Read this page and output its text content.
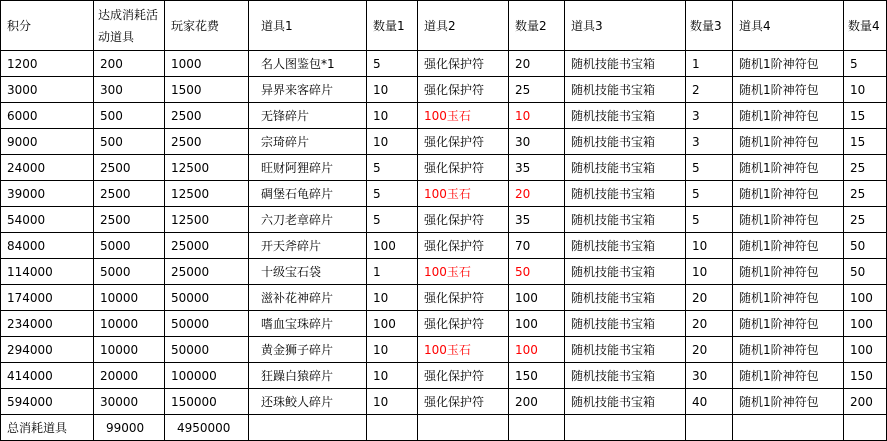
积分	达成消耗活动道具	玩家花费	道具1	数量1	道具2	数量2	道具3	数量3	道具4	数量4
1200	200	1000	名人图鉴包*1	5	强化保护符	20	随机技能书宝箱	1	随机1阶神符包	5
3000	300	1500	异界来客碎片	10	强化保护符	25	随机技能书宝箱	2	随机1阶神符包	10
6000	500	2500	无锋碎片	10	100玉石	10	随机技能书宝箱	3	随机1阶神符包	15
9000	500	2500	宗琦碎片	10	强化保护符	30	随机技能书宝箱	3	随机1阶神符包	15
24000	2500	12500	旺财阿狸碎片	5	强化保护符	35	随机技能书宝箱	5	随机1阶神符包	25
39000	2500	12500	碉堡石龟碎片	5	100玉石	20	随机技能书宝箱	5	随机1阶神符包	25
54000	2500	12500	六刀老章碎片	5	强化保护符	35	随机技能书宝箱	5	随机1阶神符包	25
84000	5000	25000	开天斧碎片	100	强化保护符	70	随机技能书宝箱	10	随机1阶神符包	50
114000	5000	25000	十级宝石袋	1	100玉石	50	随机技能书宝箱	10	随机1阶神符包	50
174000	10000	50000	滋补花神碎片	10	强化保护符	100	随机技能书宝箱	20	随机1阶神符包	100
234000	10000	50000	嗜血宝珠碎片	100	强化保护符	100	随机技能书宝箱	20	随机1阶神符包	100
294000	10000	50000	黄金狮子碎片	10	100玉石	100	随机技能书宝箱	20	随机1阶神符包	100
414000	20000	100000	狂躁白猿碎片	10	强化保护符	150	随机技能书宝箱	30	随机1阶神符包	150
594000	30000	150000	还珠鲛人碎片	10	强化保护符	200	随机技能书宝箱	40	随机1阶神符包	200
总消耗道具	99000	4950000								
